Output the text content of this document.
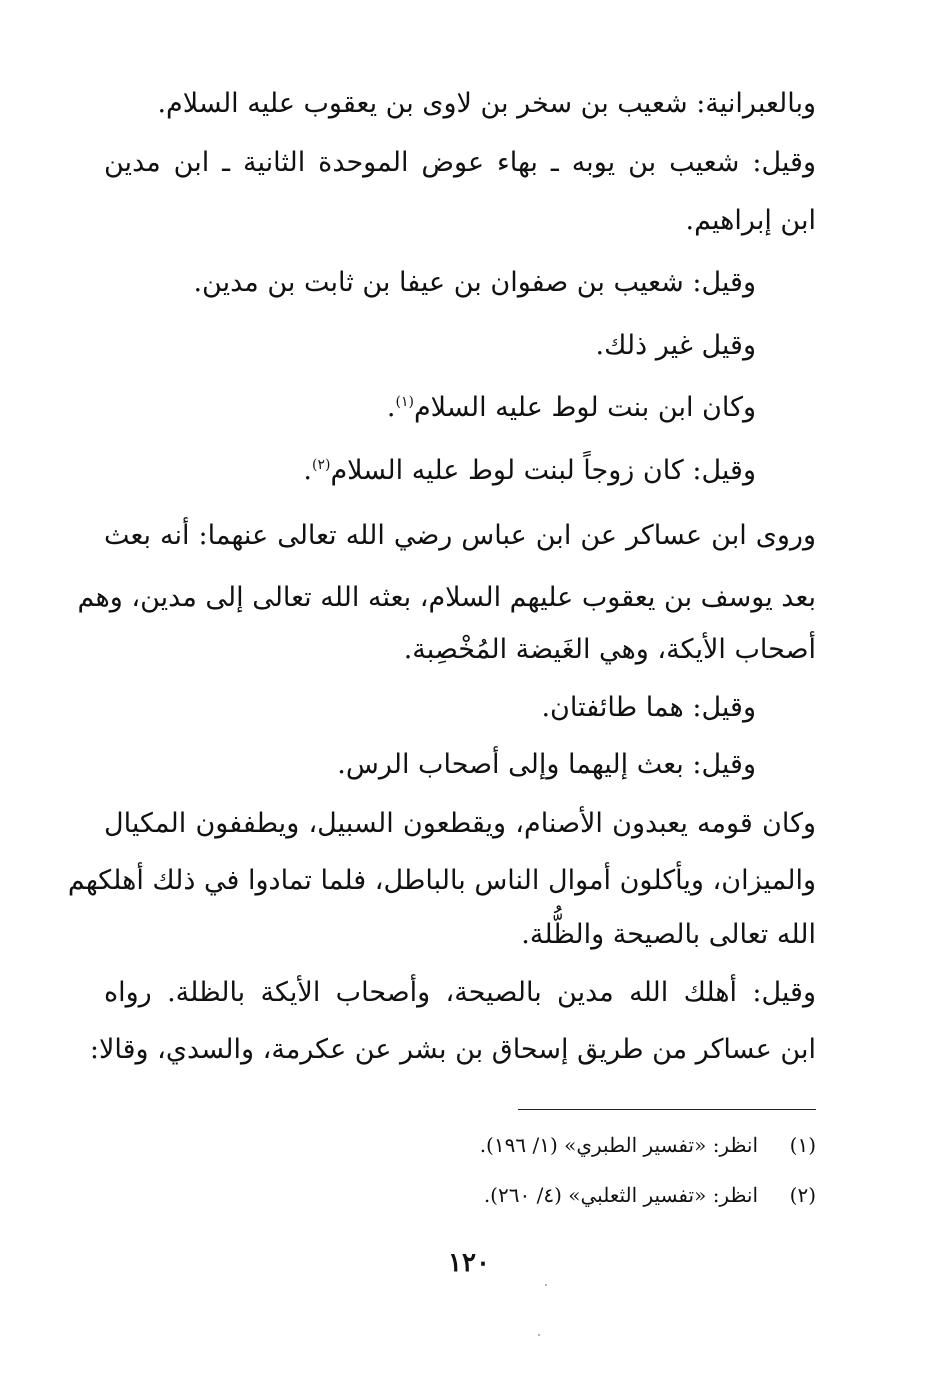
وبالعبرانية: شعيب بن سخر بن لاوى بن يعقوب عليه السلام.
وقيل: شعيب بن يوبه ـ بهاء عوض الموحدة الثانية ـ ابن مدين
ابن إبراهيم.
وقيل: شعيب بن صفوان بن عيفا بن ثابت بن مدين.
وقيل غير ذلك.
وكان ابن بنت لوط عليه السلام$^{(١)}$.
وقيل: كان زوجاً لبنت لوط عليه السلام$^{(٢)}$.
وروى ابن عساكر عن ابن عباس رضي الله تعالى عنهما: أنه بعث
بعد يوسف بن يعقوب عليهم السلام، بعثه الله تعالى إلى مدين، وهم
أصحاب الأيكة، وهي الغَيضة المُخْصِبة.
وقيل: هما طائفتان.
وقيل: بعث إليهما وإلى أصحاب الرس.
وكان قومه يعبدون الأصنام، ويقطعون السبيل، ويطففون المكيال
والميزان، ويأكلون أموال الناس بالباطل، فلما تمادوا في ذلك أهلكهم
الله تعالى بالصيحة والظُّلة.
وقيل: أهلك الله مدين بالصيحة، وأصحاب الأيكة بالظلة. رواه
ابن عساكر من طريق إسحاق بن بشر عن عكرمة، والسدي، وقالا:
(١)انظر: «تفسير الطبري» (١/ ١٩٦).
(٢)انظر: «تفسير الثعلبي» (٤/ ٢٦٠).
١٢٠
